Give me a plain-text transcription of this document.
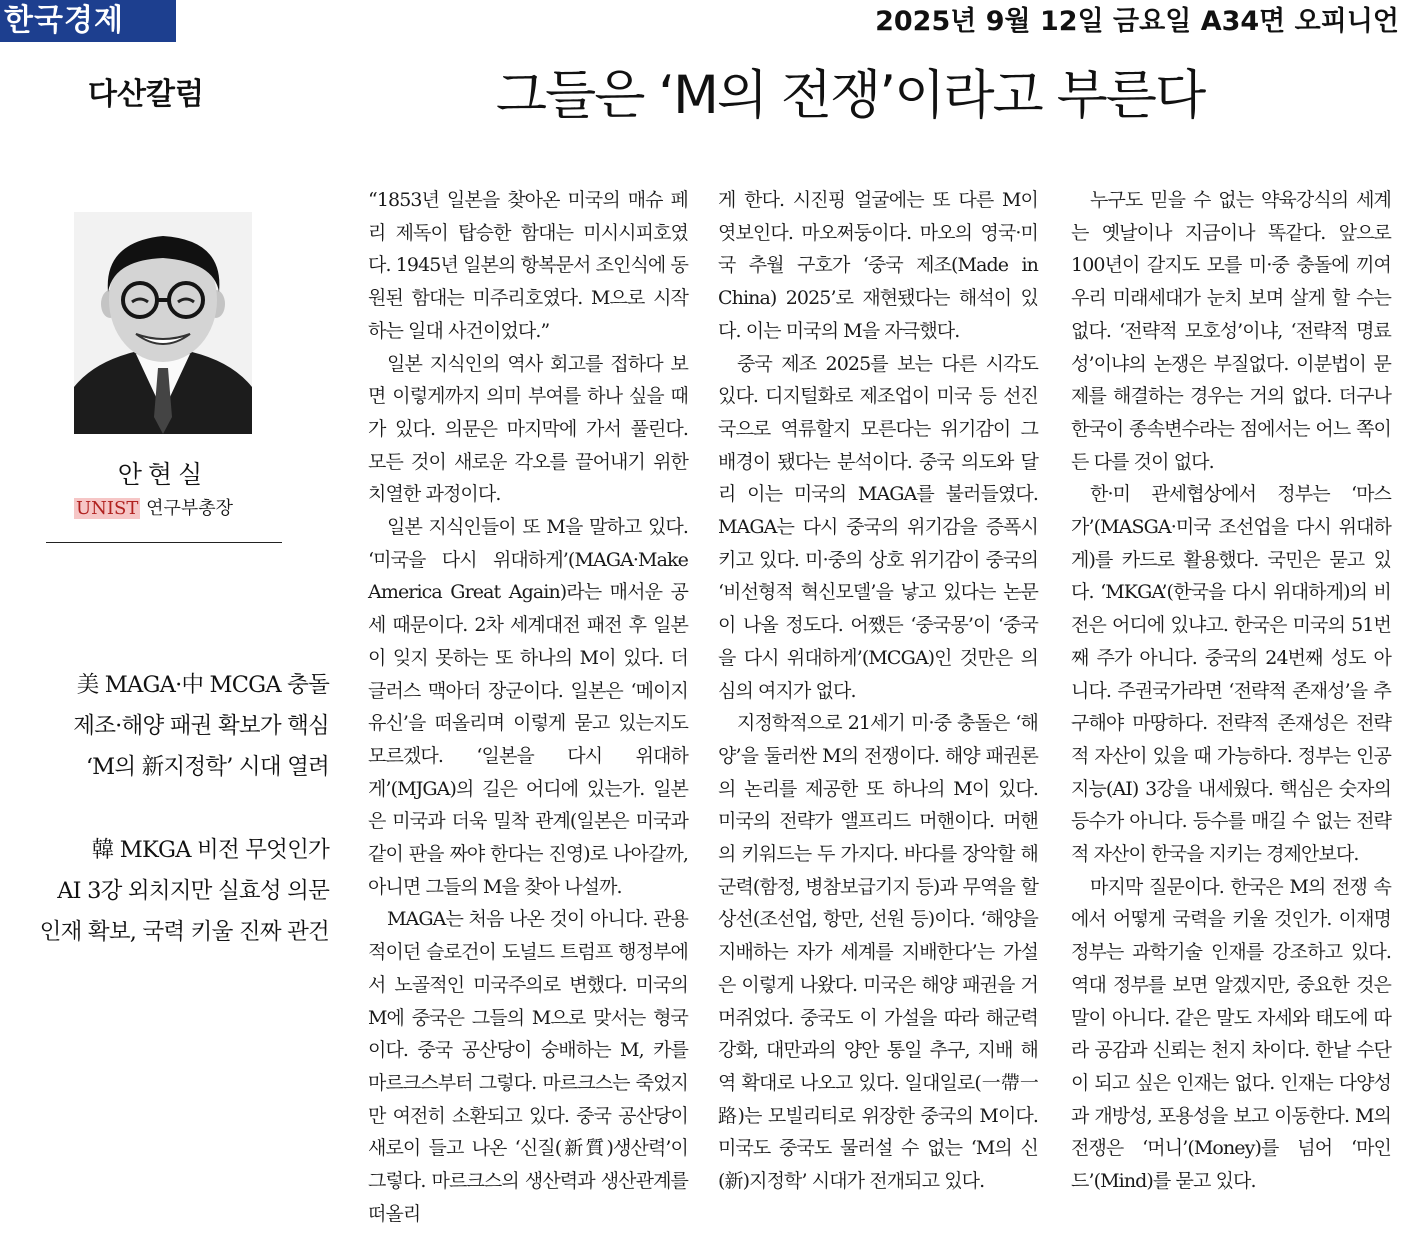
한국경제	2025년 9월 12일 금요일 A34면 오피니언
다산칼럼	그들은 ‘M의 전쟁’이라고 부른다
안현실
UNIST 연구부총장
美 MAGA·中 MCGA 충돌
제조·해양 패권 확보가 핵심
‘M의 新지정학’ 시대 열려
韓 MKGA 비전 무엇인가
AI 3강 외치지만 실효성 의문
인재 확보, 국력 키울 진짜 관건

“1853년 일본을 찾아온 미국의 매슈 페리 제독이 탑승한 함대는 미시시피호였다. 1945년 일본의 항복문서 조인식에 동원된 함대는 미주리호였다. M으로 시작하는 일대 사건이었다.”

일본 지식인의 역사 회고를 접하다 보면 이렇게까지 의미 부여를 하나 싶을 때가 있다. 의문은 마지막에 가서 풀린다. 모든 것이 새로운 각오를 끌어내기 위한 치열한 과정이다.

일본 지식인들이 또 M을 말하고 있다. ‘미국을 다시 위대하게’(MAGA·Make America Great Again)라는 매서운 공세 때문이다. 2차 세계대전 패전 후 일본이 잊지 못하는 또 하나의 M이 있다. 더글러스 맥아더 장군이다. 일본은 ‘메이지 유신’을 떠올리며 이렇게 묻고 있는지도 모르겠다. ‘일본을 다시 위대하게’(MJGA)의 길은 어디에 있는가. 일본은 미국과 더욱 밀착 관계(일본은 미국과 같이 판을 짜야 한다는 진영)로 나아갈까, 아니면 그들의 M을 찾아 나설까.

MAGA는 처음 나온 것이 아니다. 관용적이던 슬로건이 도널드 트럼프 행정부에서 노골적인 미국주의로 변했다. 미국의 M에 중국은 그들의 M으로 맞서는 형국이다. 중국 공산당이 숭배하는 M, 카를 마르크스부터 그렇다. 마르크스는 죽었지만 여전히 소환되고 있다. 중국 공산당이 새로이 들고 나온 ‘신질(新質)생산력’이 그렇다. 마르크스의 생산력과 생산관계를 떠올리

게 한다. 시진핑 얼굴에는 또 다른 M이 엿보인다. 마오쩌둥이다. 마오의 영국·미국 추월 구호가 ‘중국 제조(Made in China) 2025’로 재현됐다는 해석이 있다. 이는 미국의 M을 자극했다.

중국 제조 2025를 보는 다른 시각도 있다. 디지털화로 제조업이 미국 등 선진국으로 역류할지 모른다는 위기감이 그 배경이 됐다는 분석이다. 중국 의도와 달리 이는 미국의 MAGA를 불러들였다. MAGA는 다시 중국의 위기감을 증폭시키고 있다. 미·중의 상호 위기감이 중국의 ‘비선형적 혁신모델’을 낳고 있다는 논문이 나올 정도다. 어쨌든 ‘중국몽’이 ‘중국을 다시 위대하게’(MCGA)인 것만은 의심의 여지가 없다.

지정학적으로 21세기 미·중 충돌은 ‘해양’을 둘러싼 M의 전쟁이다. 해양 패권론의 논리를 제공한 또 하나의 M이 있다. 미국의 전략가 앨프리드 머핸이다. 머핸의 키워드는 두 가지다. 바다를 장악할 해군력(함정, 병참보급기지 등)과 무역을 할 상선(조선업, 항만, 선원 등)이다. ‘해양을 지배하는 자가 세계를 지배한다’는 가설은 이렇게 나왔다. 미국은 해양 패권을 거머쥐었다. 중국도 이 가설을 따라 해군력 강화, 대만과의 양안 통일 추구, 지배 해역 확대로 나오고 있다. 일대일로(一帶一路)는 모빌리티로 위장한 중국의 M이다. 미국도 중국도 물러설 수 없는 ‘M의 신(新)지정학’ 시대가 전개되고 있다.

누구도 믿을 수 없는 약육강식의 세계는 옛날이나 지금이나 똑같다. 앞으로 100년이 갈지도 모를 미·중 충돌에 끼여 우리 미래세대가 눈치 보며 살게 할 수는 없다. ‘전략적 모호성’이냐, ‘전략적 명료성’이냐의 논쟁은 부질없다. 이분법이 문제를 해결하는 경우는 거의 없다. 더구나 한국이 종속변수라는 점에서는 어느 쪽이든 다를 것이 없다.

한·미 관세협상에서 정부는 ‘마스가’(MASGA·미국 조선업을 다시 위대하게)를 카드로 활용했다. 국민은 묻고 있다. ‘MKGA’(한국을 다시 위대하게)의 비전은 어디에 있냐고. 한국은 미국의 51번째 주가 아니다. 중국의 24번째 성도 아니다. 주권국가라면 ‘전략적 존재성’을 추구해야 마땅하다. 전략적 존재성은 전략적 자산이 있을 때 가능하다. 정부는 인공지능(AI) 3강을 내세웠다. 핵심은 숫자의 등수가 아니다. 등수를 매길 수 없는 전략적 자산이 한국을 지키는 경제안보다.

마지막 질문이다. 한국은 M의 전쟁 속에서 어떻게 국력을 키울 것인가. 이재명 정부는 과학기술 인재를 강조하고 있다. 역대 정부를 보면 알겠지만, 중요한 것은 말이 아니다. 같은 말도 자세와 태도에 따라 공감과 신뢰는 천지 차이다. 한낱 수단이 되고 싶은 인재는 없다. 인재는 다양성과 개방성, 포용성을 보고 이동한다. M의 전쟁은 ‘머니’(Money)를 넘어 ‘마인드’(Mind)를 묻고 있다.
